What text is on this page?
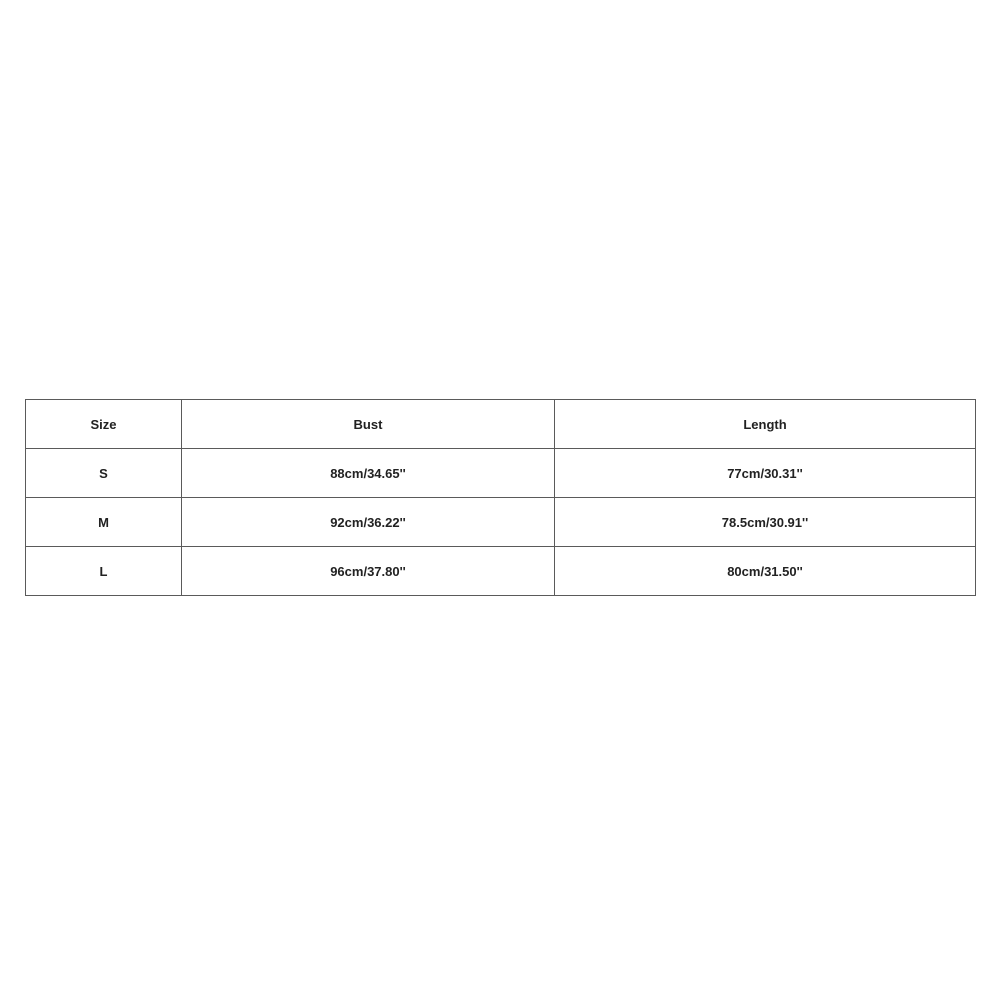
Size	Bust	Length
S	88cm/34.65''	77cm/30.31''
M	92cm/36.22''	78.5cm/30.91''
L	96cm/37.80''	80cm/31.50''
